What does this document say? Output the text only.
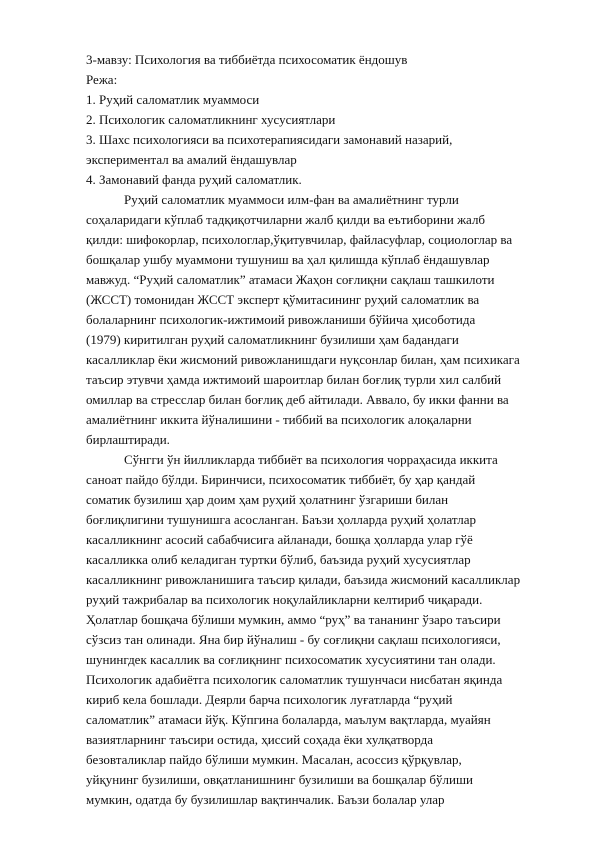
3-мавзу: Психология ва тиббиётда психосоматик ёндошув
Режа:
1. Руҳий саломатлик муаммоси
2. Психологик саломатликнинг хусусиятлари
3. Шахс психологияси ва психотерапиясидаги замонавий назарий,
экспериментал ва амалий ёндашувлар
4. Замонавий фанда руҳий саломатлик.
Руҳий саломатлик муаммоси илм-фан ва амалиётнинг турли
соҳаларидаги кўплаб тадқиқотчиларни жалб қилди ва eътиборини жалб
қилди: шифокорлар, психологлар,ўқитувчилар, файласуфлар, социологлар ва
бошқалар ушбу муаммони тушуниш ва ҳал қилишда кўплаб ёндашувлар
мавжуд. “Руҳий саломатлик” атамаси Жаҳон соғлиқни сақлаш ташкилоти
(ЖССТ) томонидан ЖССТ эксперт қўмитасининг руҳий саломатлик ва
болаларнинг психологик-ижтимоий ривожланиши бўйича ҳисоботида
(1979) киритилган руҳий саломатликнинг бузилиши ҳам бадандаги
касалликлар ёки жисмоний ривожланишдаги нуқсонлар билан, ҳам психикага
таъсир этувчи ҳамда ижтимоий шароитлар билан боғлиқ турли хил салбий
омиллар ва стресслар билан боғлиқ деб айтилади. Аввало, бу икки фанни ва
амалиётнинг иккита йўналишини - тиббий ва психологик алоқаларни
бирлаштиради.
Сўнгги ўн йилликларда тиббиёт ва психология чорраҳасида иккита
саноат пайдо бўлди. Биринчиси, психосоматик тиббиёт, бу ҳар қандай
соматик бузилиш ҳар доим ҳам руҳий ҳолатнинг ўзгариши билан
боғлиқлигини тушунишга асосланган. Баъзи ҳолларда руҳий ҳолатлар
касалликнинг асосий сабабчисига айланади, бошқа ҳолларда улар гўё
касалликка олиб келадиган туртки бўлиб, баъзида руҳий хусусиятлар
касалликнинг ривожланишига таъсир қилади, баъзида жисмоний касалликлар
руҳий тажрибалар ва психологик ноқулайликларни келтириб чиқаради.
Ҳолатлар бошқача бўлиши мумкин, аммо “руҳ” ва тананинг ўзаро таъсири
сўзсиз тан олинади. Яна бир йўналиш - бу соғлиқни сақлаш психологияси,
шунингдек касаллик ва соғлиқнинг психосоматик хусусиятини тан олади.
Психологик адабиётга психологик саломатлик тушунчаси нисбатан яқинда
кириб кела бошлади. Деярли барча психологик луғатларда “руҳий
саломатлик” атамаси йўқ. Кўпгина болаларда, маълум вақтларда, муайян
вазиятларнинг таъсири остида, ҳиссий соҳада ёки хулқатворда
безовталиклар пайдо бўлиши мумкин. Масалан, асоссиз қўрқувлар,
уйқунинг бузилиши, овқатланишнинг бузилиши ва бошқалар бўлиши
мумкин, одатда бу бузилишлар вақтинчалик. Баъзи болалар улар
